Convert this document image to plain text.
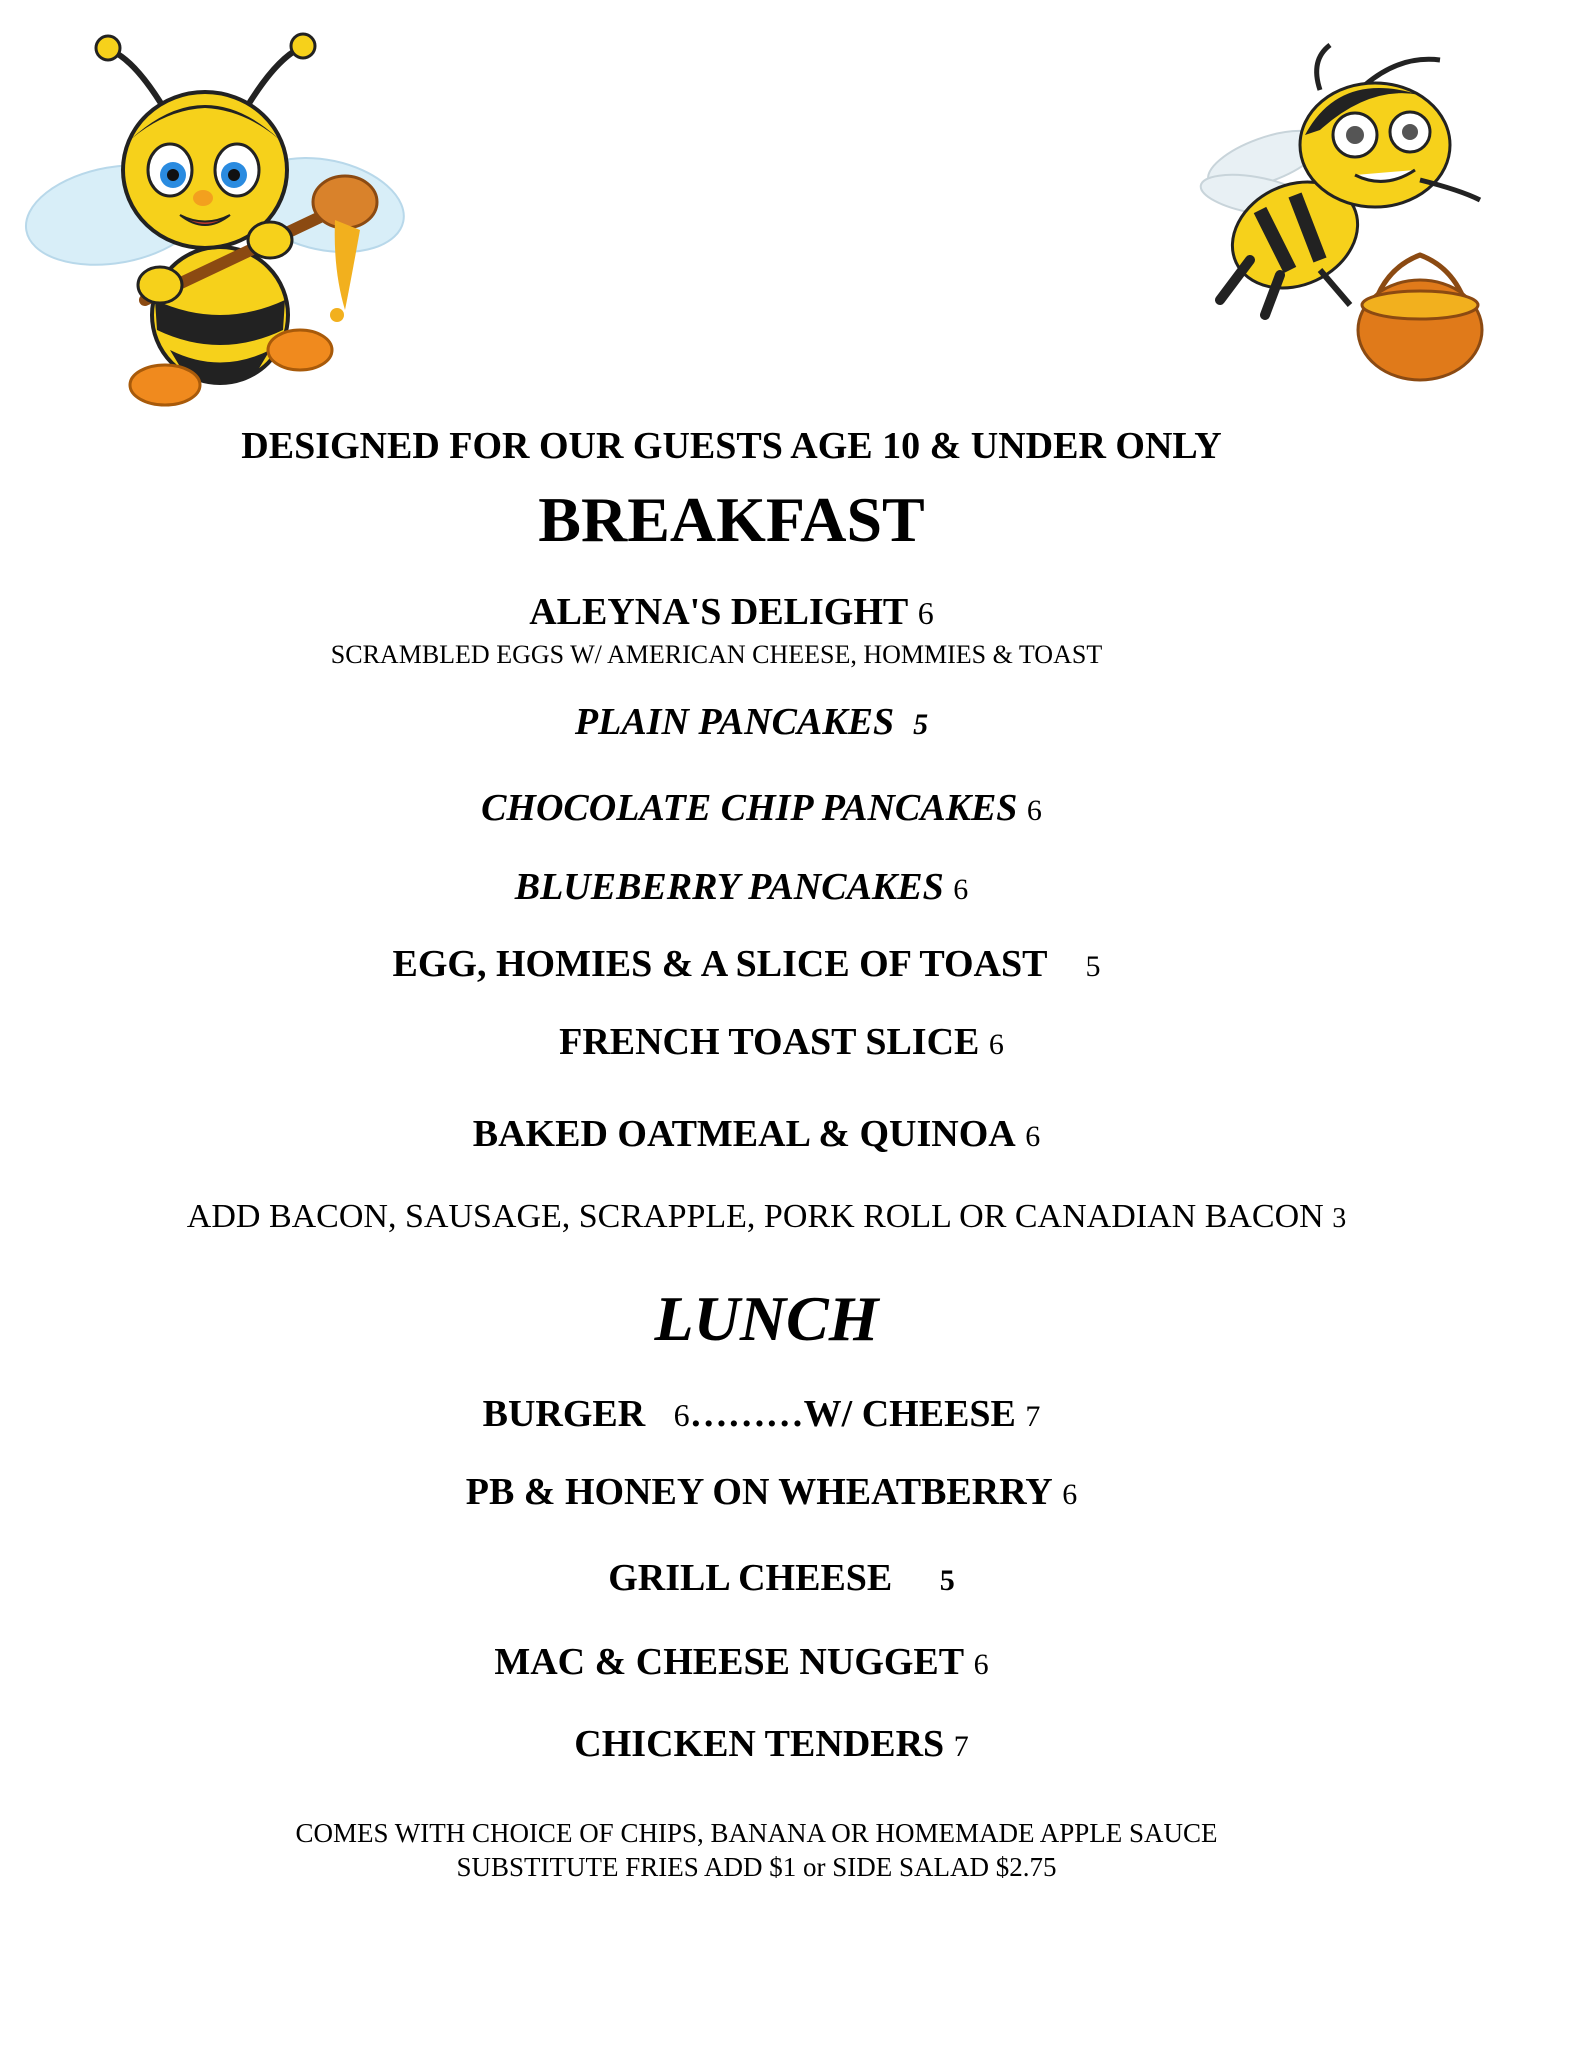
DESIGNED FOR OUR GUESTS AGE 10 & UNDER ONLY
BREAKFAST
ALEYNA'S DELIGHT 6
SCRAMBLED EGGS W/ AMERICAN CHEESE, HOMMIES & TOAST
PLAIN PANCAKES 5
CHOCOLATE CHIP PANCAKES 6
BLUEBERRY PANCAKES 6
EGG, HOMIES & A SLICE OF TOAST 5
FRENCH TOAST SLICE 6
BAKED OATMEAL & QUINOA 6
ADD BACON, SAUSAGE, SCRAPPLE, PORK ROLL OR CANADIAN BACON 3
LUNCH
BURGER 6………W/ CHEESE 7
PB & HONEY ON WHEATBERRY 6
GRILL CHEESE 5
MAC & CHEESE NUGGET 6
CHICKEN TENDERS 7
COMES WITH CHOICE OF CHIPS, BANANA OR HOMEMADE APPLE SAUCE
SUBSTITUTE FRIES ADD $1 or SIDE SALAD $2.75
